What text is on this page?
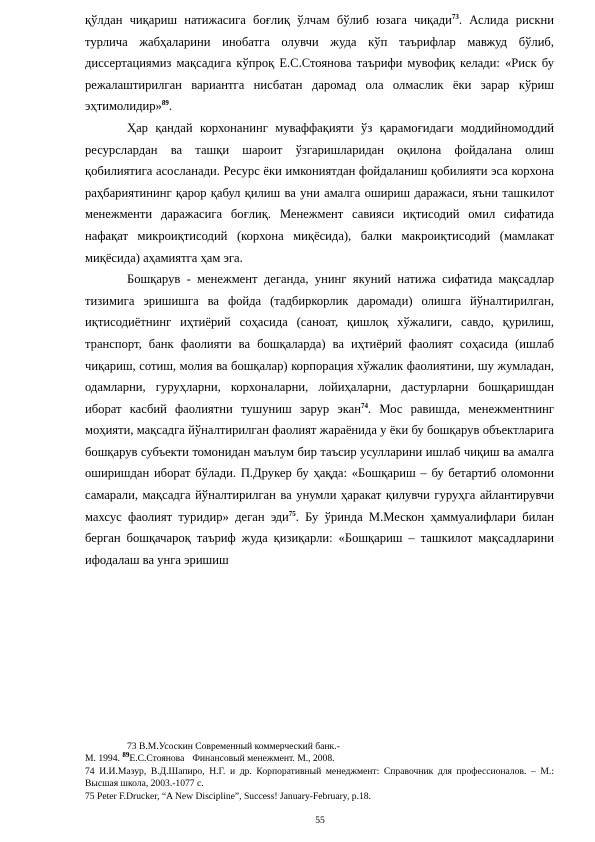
қўлдан чиқариш натижасига боғлиқ ўлчам бўлиб юзага чиқади$^{73}$. Аслида рискни турлича жабҳаларини инобатга олувчи жуда кўп таърифлар мавжуд бўлиб, диссертациямиз мақсадига кўпроқ Е.С.Стоянова таърифи мувофиқ келади: «Риск бу режалаштирилган вариантга нисбатан даромад ола олмаслик ёки зарар кўриш эҳтимолидир»$^{89}$.

Ҳар қандай корхонанинг муваффақияти ўз қарамоғидаги моддийномоддий ресурслардан ва ташқи шароит ўзгаришларидан оқилона фойдалана олиш қобилиятига асосланади. Ресурс ёки имкониятдан фойдаланиш қобилияти эса корхона раҳбариятининг қарор қабул қилиш ва уни амалга ошириш даражаси, яъни ташкилот менежменти даражасига боғлиқ. Менежмент савияси иқтисодий омил сифатида нафақат микроиқтисодий (корхона миқёсида), балки макроиқтисодий (мамлакат миқёсида) аҳамиятга ҳам эга.

Бошқарув - менежмент деганда, унинг якуний натижа сифатида мақсадлар тизимига эришишга ва фойда (тадбиркорлик даромади) олишга йўналтирилган, иқтисодиётнинг иҳтиёрий соҳасида (саноат, қишлоқ хўжалиги, савдо, қурилиш, транспорт, банк фаолияти ва бошқаларда) ва иҳтиёрий фаолият соҳасида (ишлаб чиқариш, сотиш, молия ва бошқалар) корпорация хўжалик фаолиятини, шу жумладан, одамларни, гуруҳларни, корхоналарни, лойиҳаларни, дастурларни бошқаришдан иборат касбий фаолиятни тушуниш зарур экан$^{74}$. Мос равишда, менежментнинг моҳияти, мақсадга йўналтирилган фаолият жараёнида у ёки бу бошқарув объектларига бошқарув субъекти томонидан маълум бир таъсир усулларини ишлаб чиқиш ва амалга оширишдан иборат бўлади. П.Друкер бу ҳақда: «Бошқариш – бу бетартиб оломонни самарали, мақсадга йўналтирилган ва унумли ҳаракат қилувчи гуруҳга айлантирувчи махсус фаолият туридир» деган эди$^{75}$. Бу ўринда М.Мескон ҳаммуалифлари билан берган бошқачароқ таъриф жуда қизиқарли: «Бошқариш – ташкилот мақсадларини ифодалаш ва унга эришиш

73 В.М.Усоскин Современный коммерческий банк.-
М. 1994. $^{89}$Е.С.Стоянова Финансовый менежмент. М., 2008.

74 И.И.Мазур, В.Д.Шапиро, Н.Г. и др. Корпоративный менеджмент: Справочник для профессионалов. – М.: Высшая школа, 2003.-1077 с.

75 Peter F.Drucker, “A New Discipline”, Success! January-February, p.18.

55
